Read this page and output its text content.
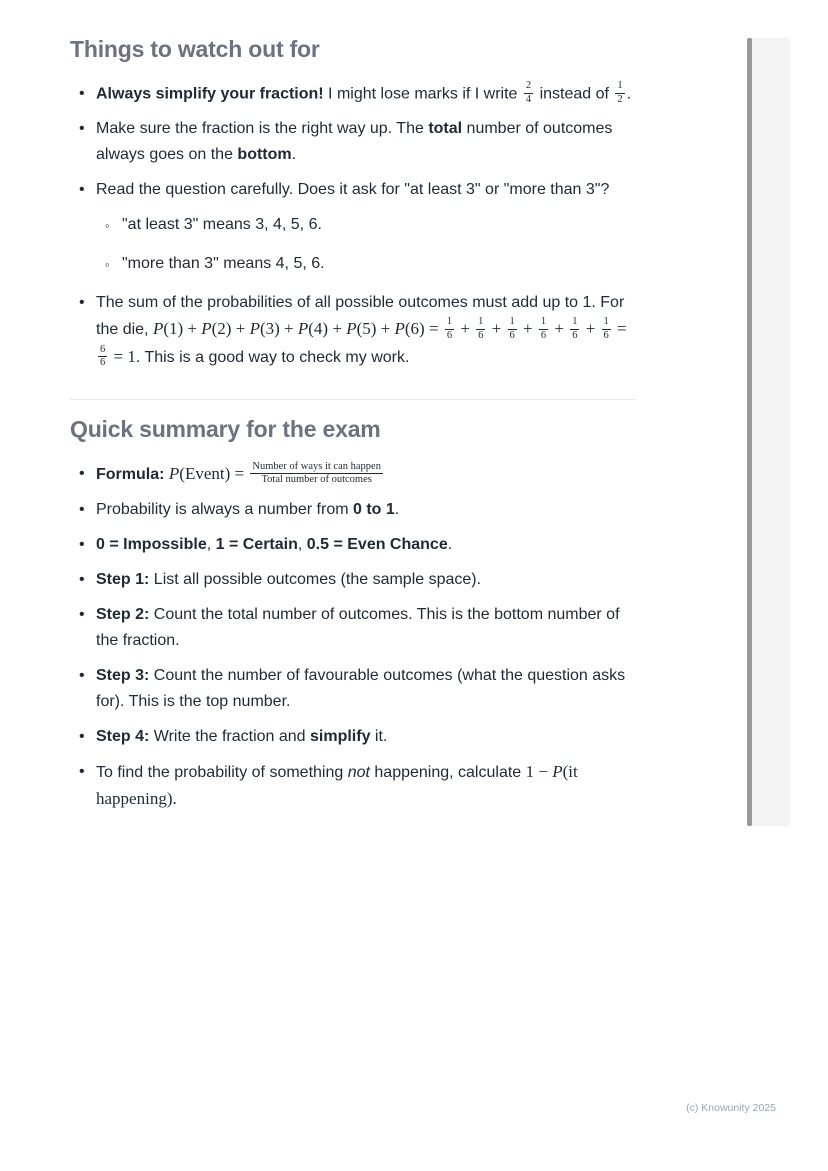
Things to watch out for
• Always simplify your fraction! I might lose marks if I write $\frac{2}{4}$ instead of $\frac{1}{2}$ .
• Make sure the fraction is the right way up. The total number of outcomes always goes on the bottom.
• Read the question carefully. Does it ask for "at least 3" or "more than 3"?
◦ "at least 3" means 3, 4, 5, 6.
◦ "more than 3" means 4, 5, 6.
• The sum of the probabilities of all possible outcomes must add up to 1. For the die, $P(1) + P(2) + P(3) + P(4) + P(5) + P(6) = \frac{1}{6} + \frac{1}{6} + \frac{1}{6} + \frac{1}{6} + \frac{1}{6} + \frac{1}{6}$ =
$\frac{6}{6} = 1$. This is a good way to check my work.
Quick summary for the exam
• Formula: P(Event) = $\frac{\text{Number of ways it can happen}}{\text{Total number of outcomes}}$
• Probability is always a number from 0 to 1.
• 0 = Impossible, 1 = Certain, 0.5 = Even Chance.
• Step 1: List all possible outcomes (the sample space).
• Step 2: Count the total number of outcomes. This is the bottom number of the fraction.
• Step 3: Count the number of favourable outcomes (what the question asks for). This is the top number.
• Step 4: Write the fraction and simplify it.
• To find the probability of something not happening, calculate 1 − P(it happening).
(c) Knowunity 2025
